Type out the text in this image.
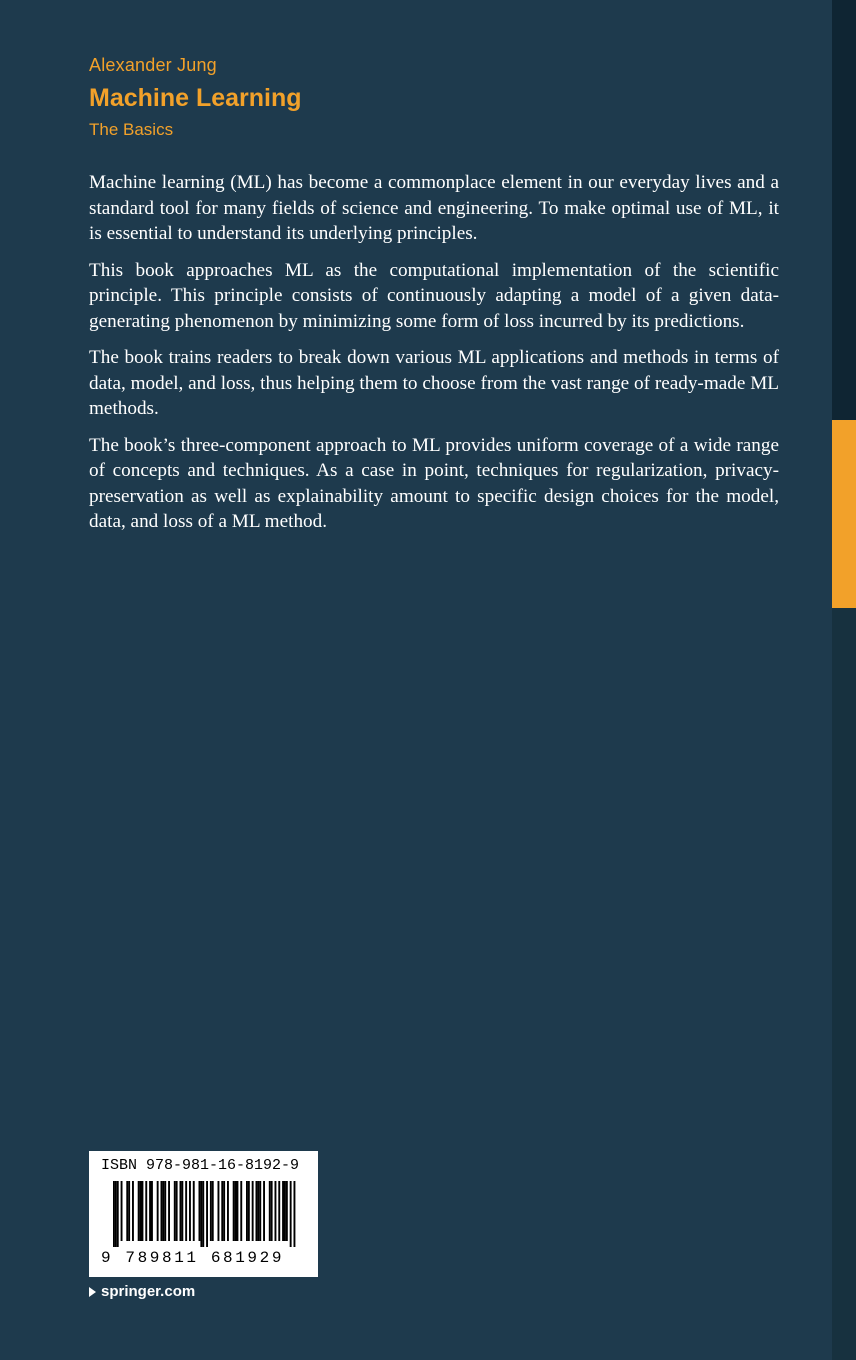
Alexander Jung
Machine Learning
The Basics

Machine learning (ML) has become a commonplace element in our everyday lives and a standard tool for many fields of science and engineering. To make optimal use of ML, it is essential to understand its underlying principles.

This book approaches ML as the computational implementation of the scientific principle. This principle consists of continuously adapting a model of a given data-generating phenomenon by minimizing some form of loss incurred by its predictions.

The book trains readers to break down various ML applications and methods in terms of data, model, and loss, thus helping them to choose from the vast range of ready-made ML methods.

The book’s three-component approach to ML provides uniform coverage of a wide range of concepts and techniques. As a case in point, techniques for regularization, privacy-preservation as well as explainability amount to specific design choices for the model, data, and loss of a ML method.

ISBN 978-981-16-8192-9
9 789811 681929
springer.com
